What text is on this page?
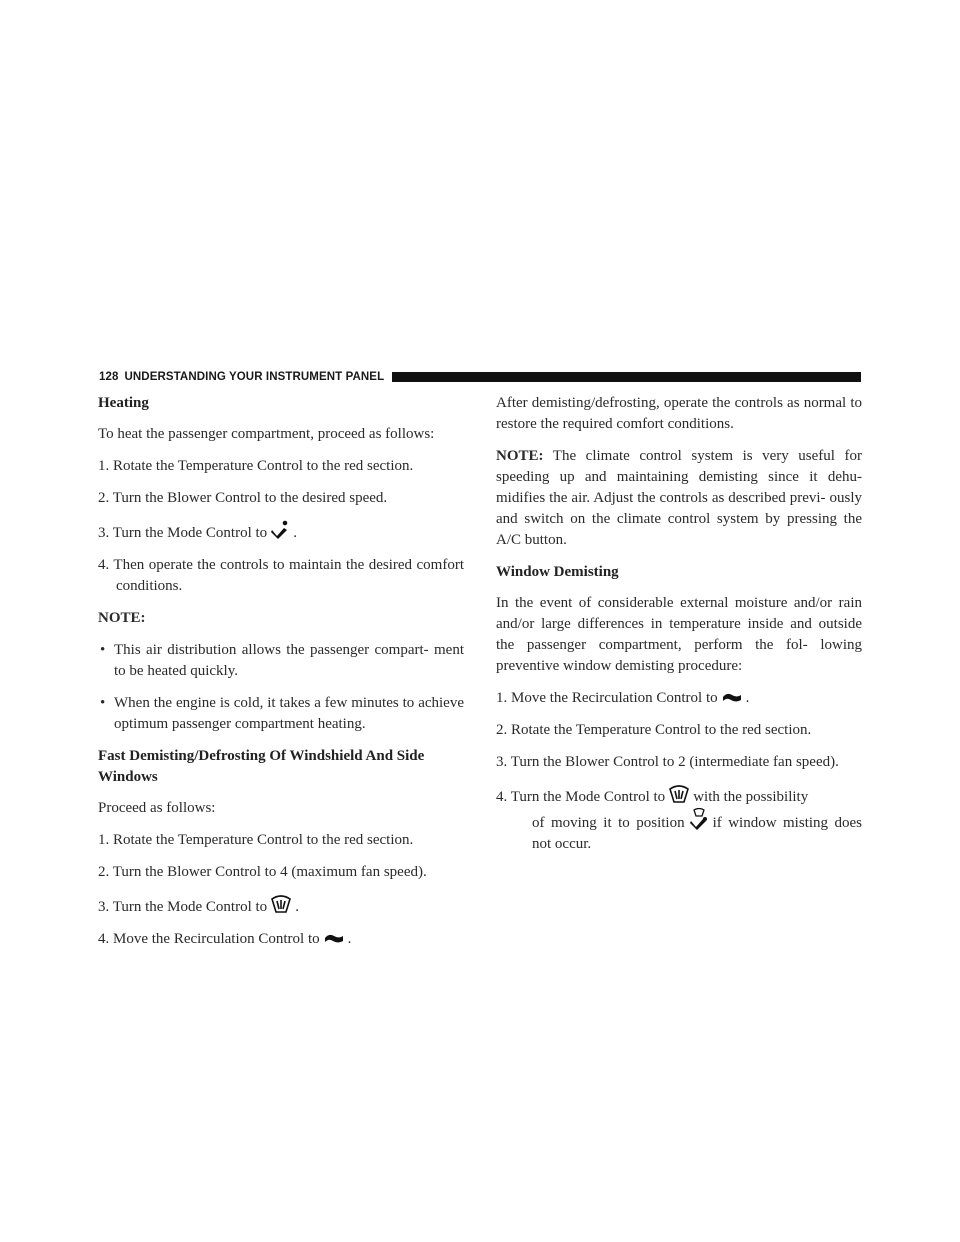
128 UNDERSTANDING YOUR INSTRUMENT PANEL
Heating

To heat the passenger compartment, proceed as follows:

1. Rotate the Temperature Control to the red section.

2. Turn the Blower Control to the desired speed.

3. Turn the Mode Control to .

4. Then operate the controls to maintain the desired comfort conditions.

NOTE:

• This air distribution allows the passenger compart- ment to be heated quickly.

• When the engine is cold, it takes a few minutes to achieve optimum passenger compartment heating.

Fast Demisting/Defrosting Of Windshield And Side Windows

Proceed as follows:

1. Rotate the Temperature Control to the red section.

2. Turn the Blower Control to 4 (maximum fan speed).

3. Turn the Mode Control to .

4. Move the Recirculation Control to .

After demisting/defrosting, operate the controls as normal to restore the required comfort conditions.

NOTE: The climate control system is very useful for speeding up and maintaining demisting since it dehu- midifies the air. Adjust the controls as described previ- ously and switch on the climate control system by pressing the A/C button.

Window Demisting

In the event of considerable external moisture and/or rain and/or large differences in temperature inside and outside the passenger compartment, perform the fol- lowing preventive window demisting procedure:

1. Move the Recirculation Control to .

2. Rotate the Temperature Control to the red section.

3. Turn the Blower Control to 2 (intermediate fan speed).

4. Turn the Mode Control to with the possibility
of moving it to position if window misting does not occur.
